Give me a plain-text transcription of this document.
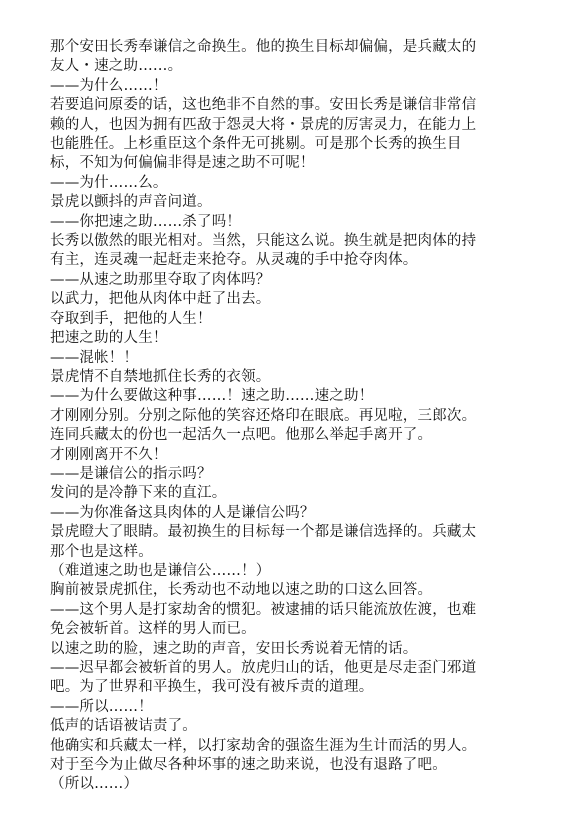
那个安田长秀奉谦信之命换生。他的换生目标却偏偏，是兵藏太的
友人・速之助……。
——为什么……！
若要追问原委的话，这也绝非不自然的事。安田长秀是谦信非常信
赖的人，也因为拥有匹敌于怨灵大将・景虎的厉害灵力，在能力上
也能胜任。上杉重臣这个条件无可挑剔。可是那个长秀的换生目
标，不知为何偏偏非得是速之助不可呢！
——为什……么。
景虎以颤抖的声音问道。
——你把速之助……杀了吗！
长秀以傲然的眼光相对。当然，只能这么说。换生就是把肉体的持
有主，连灵魂一起赶走来抢夺。从灵魂的手中抢夺肉体。
——从速之助那里夺取了肉体吗？
以武力，把他从肉体中赶了出去。
夺取到手，把他的人生！
把速之助的人生！
——混帐！！
景虎情不自禁地抓住长秀的衣领。
——为什么要做这种事……！速之助……速之助！
才刚刚分别。分别之际他的笑容还烙印在眼底。再见啦，三郎次。
连同兵藏太的份也一起活久一点吧。他那么举起手离开了。
才刚刚离开不久！
——是谦信公的指示吗？
发问的是冷静下来的直江。
——为你准备这具肉体的人是谦信公吗？
景虎瞪大了眼睛。最初换生的目标每一个都是谦信选择的。兵藏太
那个也是这样。
（难道速之助也是谦信公……！）
胸前被景虎抓住，长秀动也不动地以速之助的口这么回答。
——这个男人是打家劫舍的惯犯。被逮捕的话只能流放佐渡，也难
免会被斩首。这样的男人而已。
以速之助的脸，速之助的声音，安田长秀说着无情的话。
——迟早都会被斩首的男人。放虎归山的话，他更是尽走歪门邪道
吧。为了世界和平换生，我可没有被斥责的道理。
——所以……！
低声的话语被诘责了。
他确实和兵藏太一样，以打家劫舍的强盗生涯为生计而活的男人。
对于至今为止做尽各种坏事的速之助来说，也没有退路了吧。
（所以……）
